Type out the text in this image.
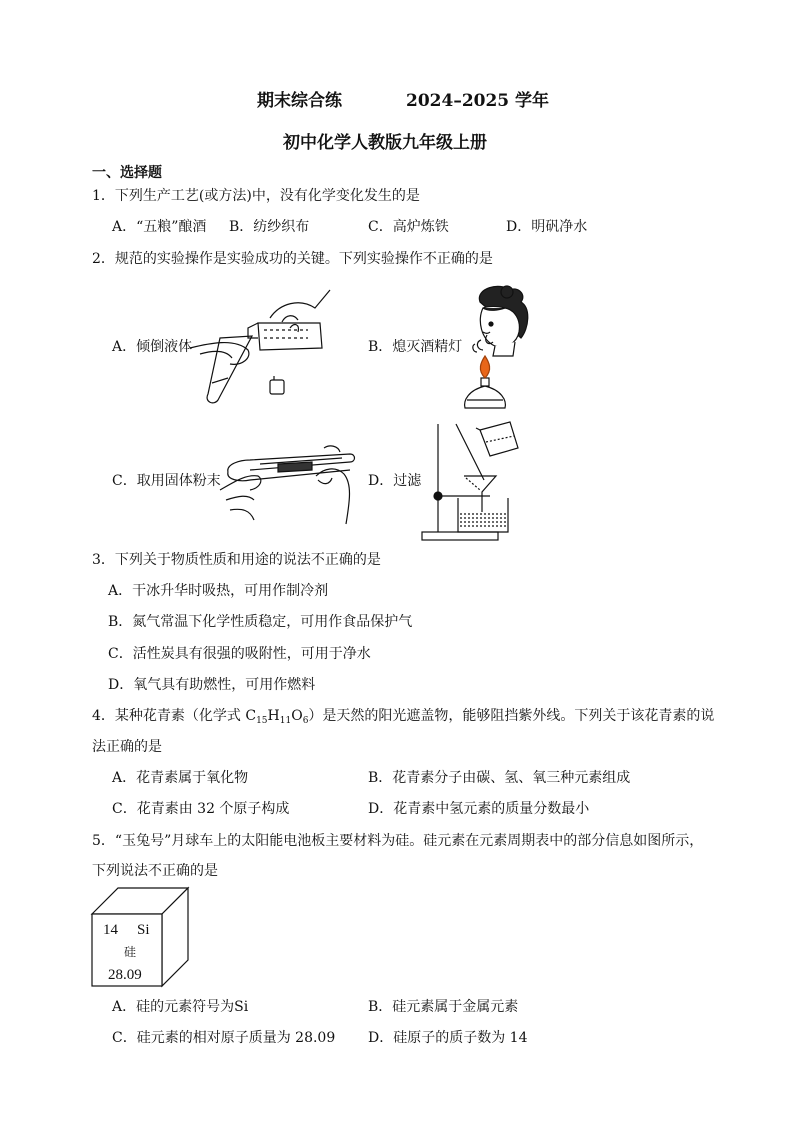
期末综合练	2024–2025 学年
初中化学人教版九年级上册
一、选择题
1．下列生产工艺(或方法)中，没有化学变化发生的是
A．“五粮”酿酒 B．纺纱织布	C．高炉炼铁	D．明矾净水
2．规范的实验操作是实验成功的关键。下列实验操作不正确的是
A．倾倒液体	B．熄灭酒精灯
C．取用固体粉末	D．过滤
3．下列关于物质性质和用途的说法不正确的是
A．干冰升华时吸热，可用作制冷剂
B．氮气常温下化学性质稳定，可用作食品保护气
C．活性炭具有很强的吸附性，可用于净水
D．氧气具有助燃性，可用作燃料
4．某种花青素（化学式 $C_{15}H_{11}O_6$）是天然的阳光遮盖物，能够阻挡紫外线。下列关于该花青素的说
法正确的是
A．花青素属于氧化物	B．花青素分子由碳、氢、氧三种元素组成
C．花青素由 32 个原子构成	D．花青素中氢元素的质量分数最小
5．“玉兔号”月球车上的太阳能电池板主要材料为硅。硅元素在元素周期表中的部分信息如图所示，
下列说法不正确的是
14 Si
硅
28.09
A．硅的元素符号为Si	B．硅元素属于金属元素
C．硅元素的相对原子质量为 28.09 D．硅原子的质子数为 14
